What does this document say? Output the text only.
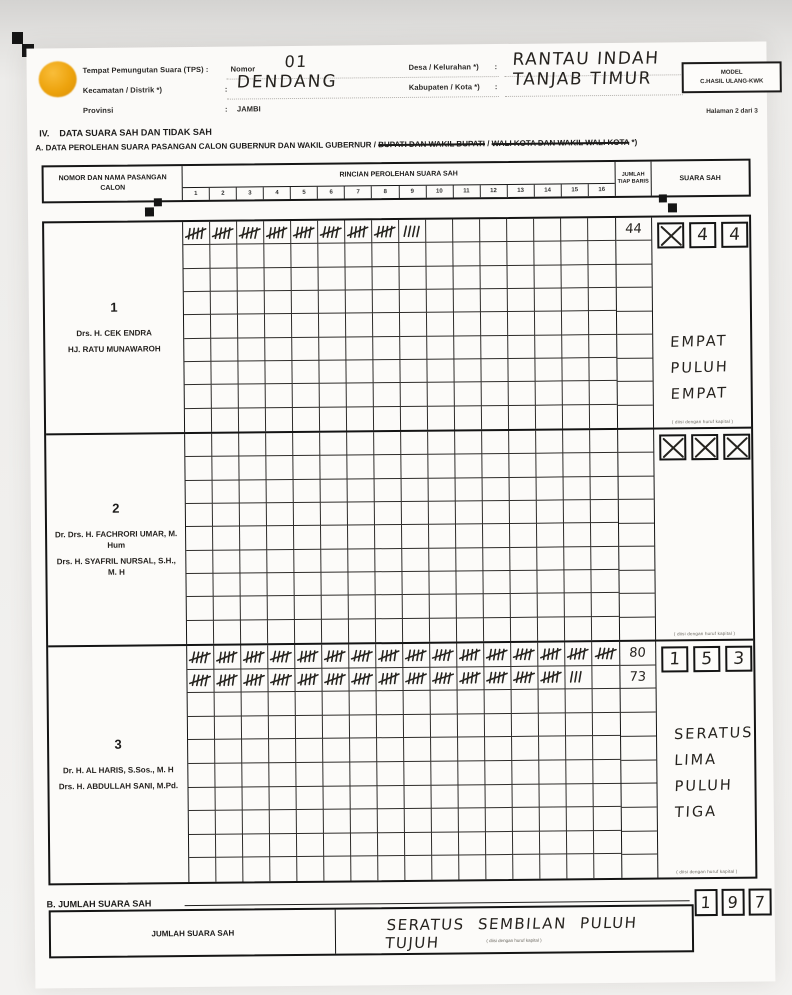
Tempat Pemungutan Suara (TPS) :	Nomor 01
Kecamatan / Distrik *)	: DENDANG
Provinsi	: JAMBI
Desa / Kelurahan *) : RANTAU INDAH
Kabupaten / Kota *) : TANJAB TIMUR	MODEL
C.HASIL ULANG-KWK
Halaman 2 dari 3
IV.    DATA SUARA SAH DAN TIDAK SAH
A. DATA PEROLEHAN SUARA PASANGAN CALON GUBERNUR DAN WAKIL GUBERNUR / BUPATI DAN WAKIL BUPATI / WALI KOTA DAN WAKIL WALI KOTA *)
NOMOR DAN NAMA PASANGAN CALON
RINCIAN PEROLEHAN SUARA SAH
1	2	3	4	5	6	7	8	9	10	11	12	13	14	15	16
JUMLAH TIAP BARIS	SUARA SAH
1
Drs. H. CEK ENDRA
HJ. RATU MUNAWAROH
44	4 4
EMPAT
PULUH
EMPAT
( diisi dengan huruf kapital )
2
Dr. Drs. H. FACHRORI UMAR, M. Hum
Drs. H. SYAFRIL NURSAL, S.H., M. H
( diisi dengan huruf kapital )
3
Dr. H. AL HARIS, S.Sos., M. H
Drs. H. ABDULLAH SANI, M.Pd.
80
73
1 5 3
SERATUS
LIMA
PULUH
TIGA
( diisi dengan huruf kapital )
B. JUMLAH SUARA SAH
JUMLAH SUARA SAH	SERATUS SEMBILAN PULUH TUJUH	( diisi dengan huruf kapital )
1 9 7
